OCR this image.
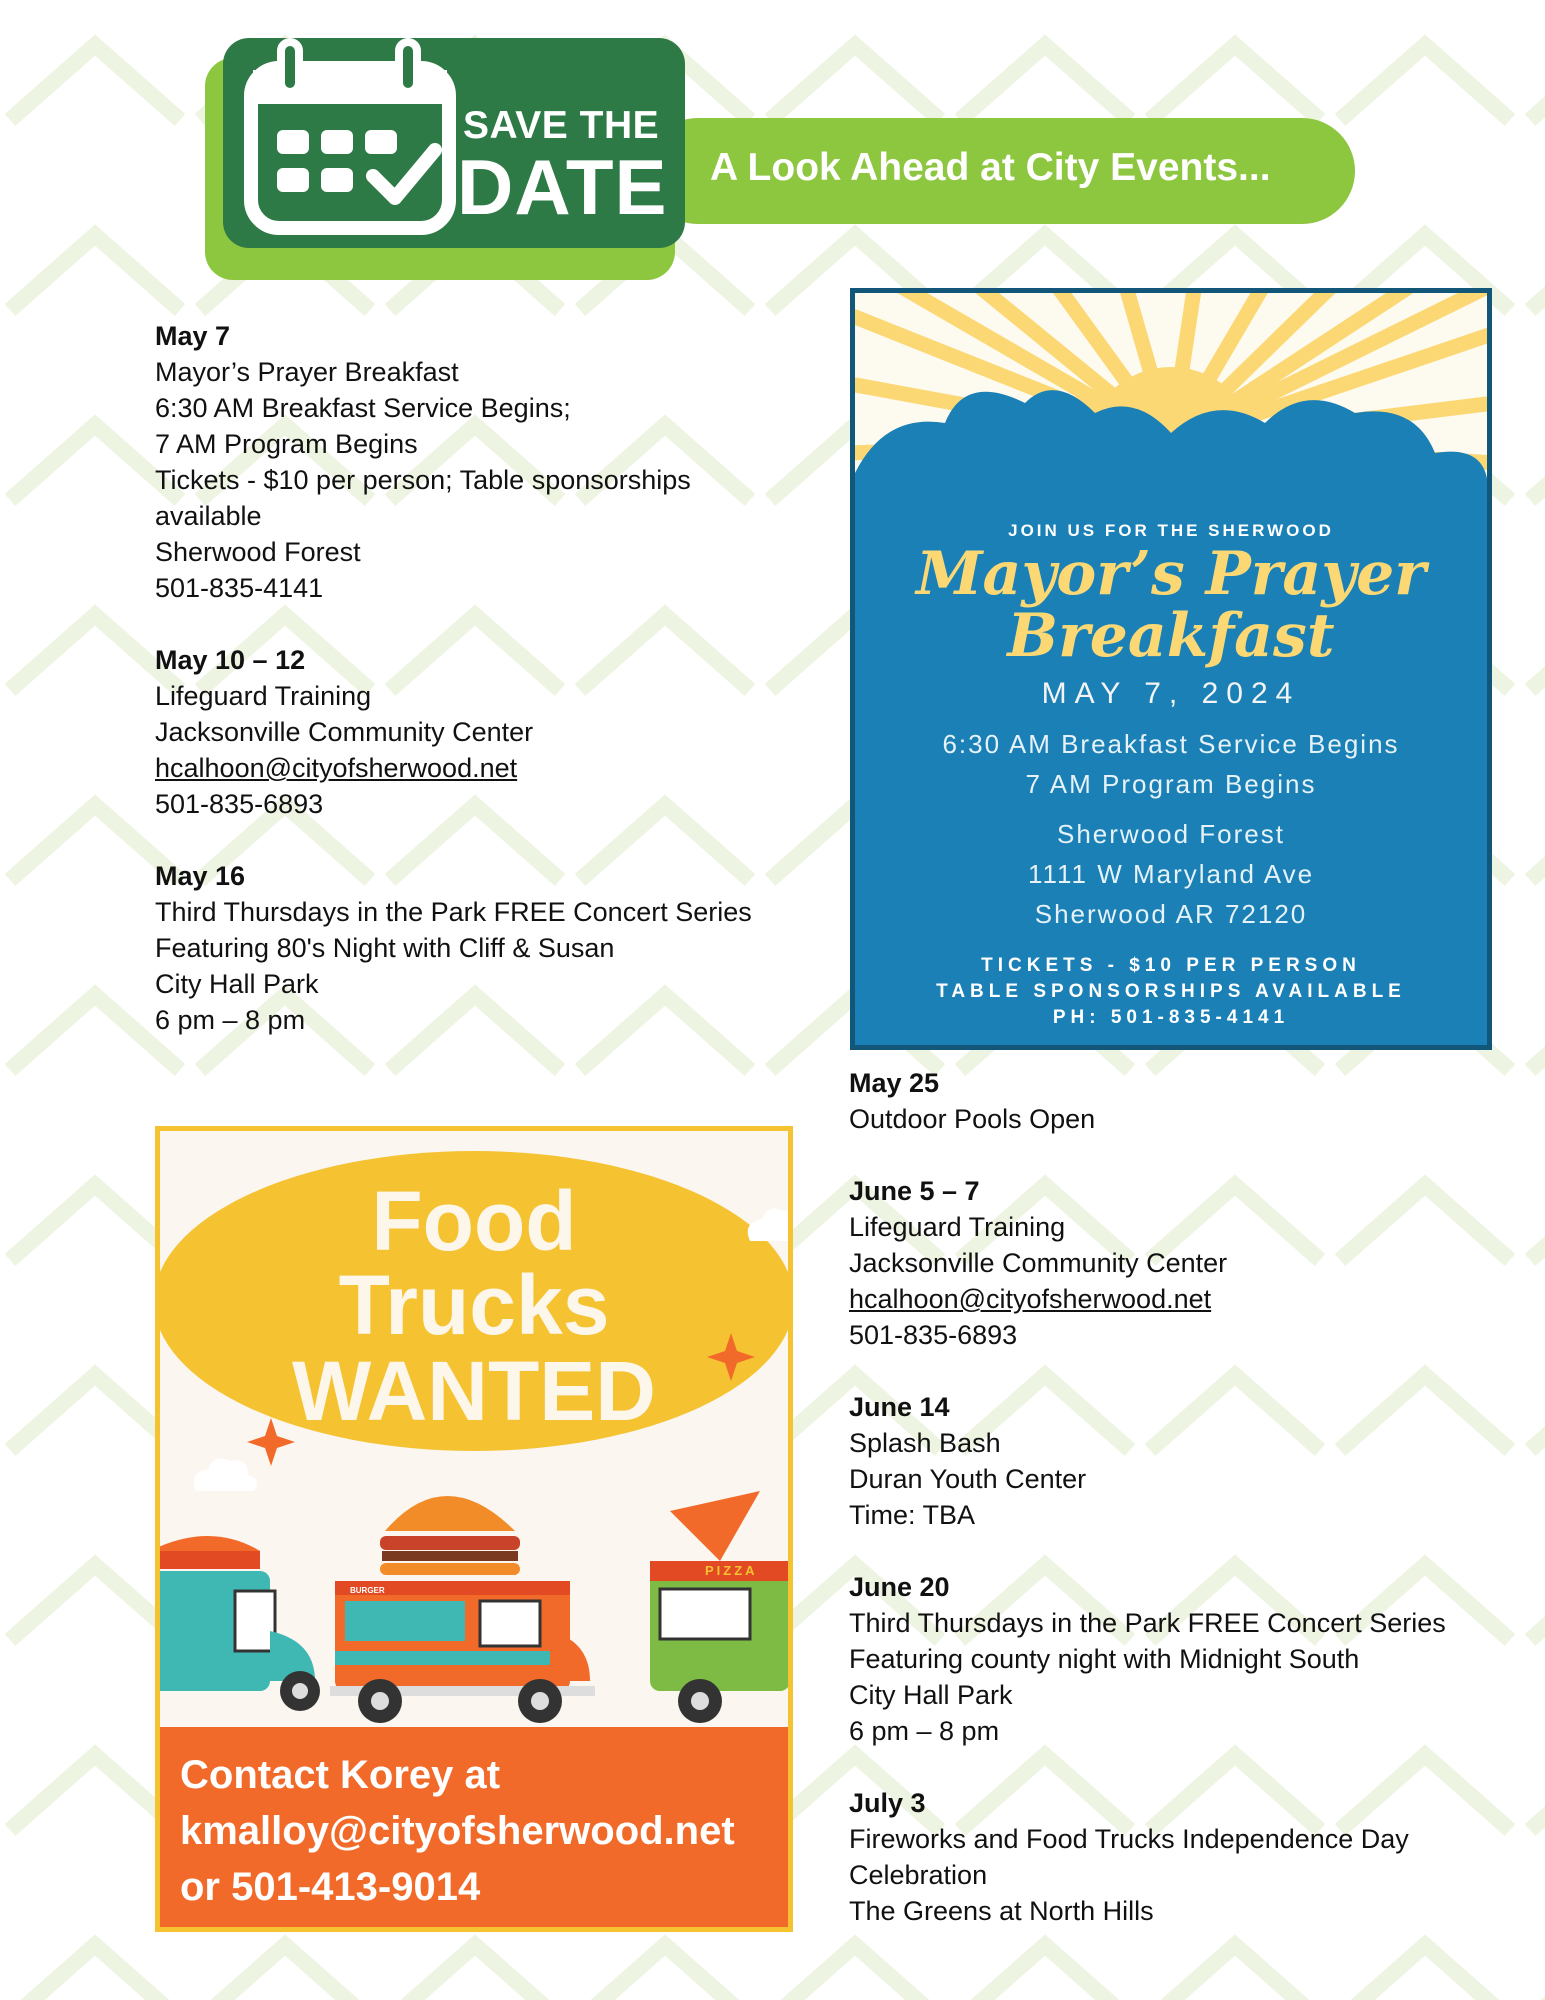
A Look Ahead at City Events...
SAVE THE
DATE
May 7
Mayor’s Prayer Breakfast
6:30 AM Breakfast Service Begins;
7 AM Program Begins
Tickets - $10 per person; Table sponsorships
available
Sherwood Forest
501-835-4141
May 10 – 12
Lifeguard Training
Jacksonville Community Center
hcalhoon@cityofsherwood.net
501-835-6893
May 16
Third Thursdays in the Park FREE Concert Series
Featuring 80's Night with Cliff & Susan
City Hall Park
6 pm – 8 pm
JOIN US FOR THE SHERWOOD
Mayor’s Prayer
Breakfast
MAY 7, 2024
6:30 AM Breakfast Service Begins
7 AM Program Begins
Sherwood Forest
1111 W Maryland Ave
Sherwood AR 72120
TICKETS - $10 PER PERSON
TABLE SPONSORSHIPS AVAILABLE
PH: 501-835-4141
Food
Trucks
WANTED
Contact Korey at
kmalloy@cityofsherwood.net
or 501-413-9014
BURGER
PIZZA
May 25
Outdoor Pools Open
June 5 – 7
Lifeguard Training
Jacksonville Community Center
hcalhoon@cityofsherwood.net
501-835-6893
June 14
Splash Bash
Duran Youth Center
Time: TBA
June 20
Third Thursdays in the Park FREE Concert Series
Featuring county night with Midnight South
City Hall Park
6 pm – 8 pm
July 3
Fireworks and Food Trucks Independence Day
Celebration
The Greens at North Hills
